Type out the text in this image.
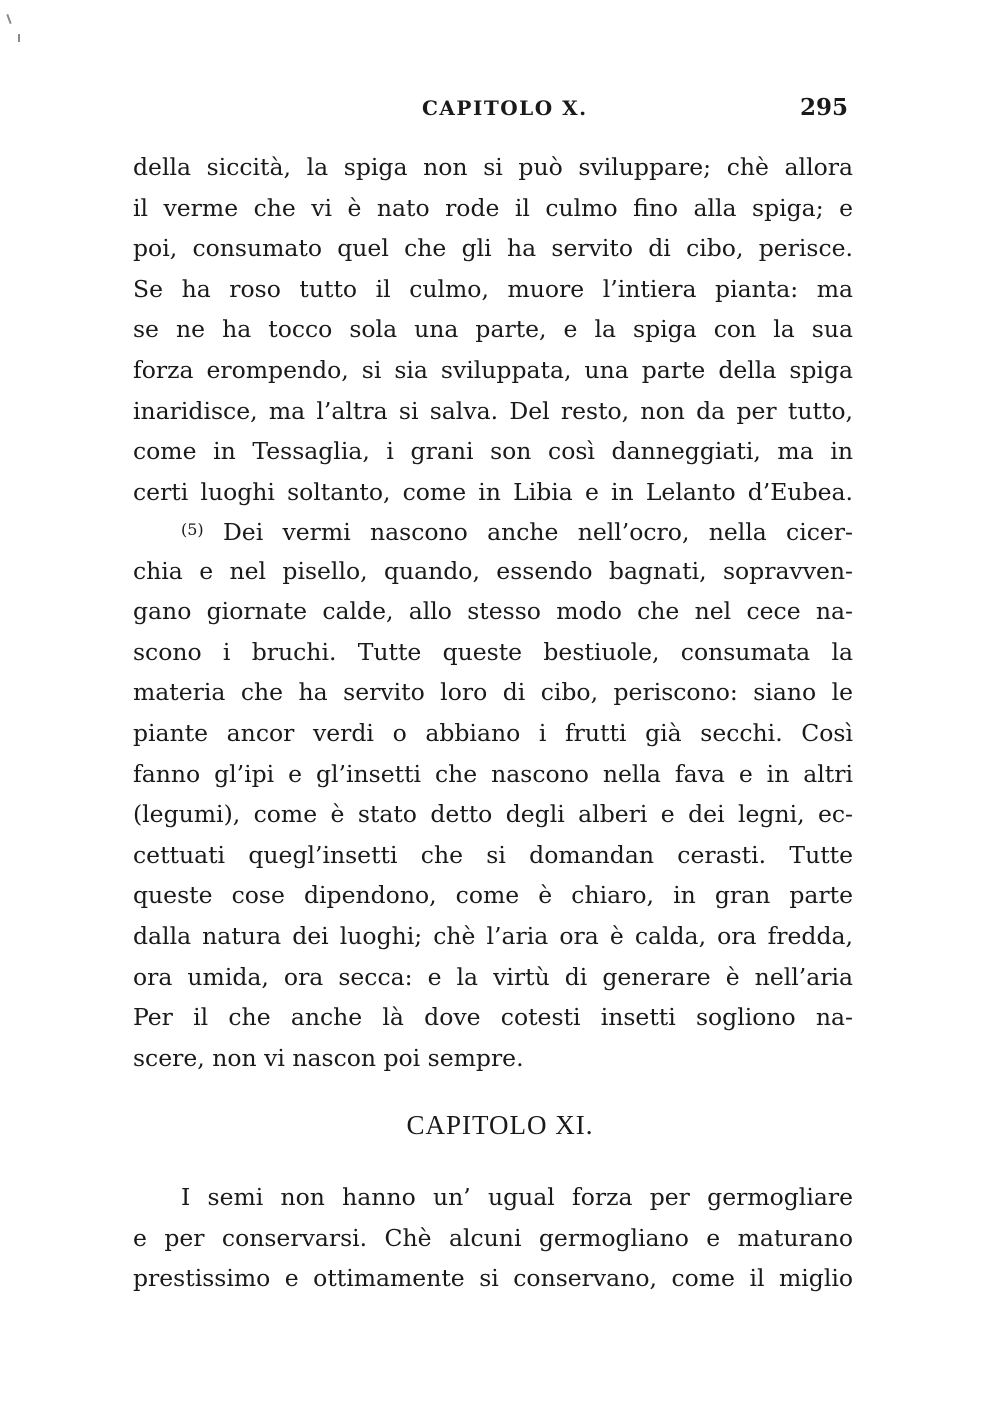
CAPITOLO X.	295
della siccità, la spiga non si può sviluppare; chè allora
il verme che vi è nato rode il culmo fino alla spiga; e
poi, consumato quel che gli ha servito di cibo, perisce.
Se ha roso tutto il culmo, muore l’intiera pianta: ma
se ne ha tocco sola una parte, e la spiga con la sua
forza erompendo, si sia sviluppata, una parte della spiga
inaridisce, ma l’altra si salva. Del resto, non da per tutto,
come in Tessaglia, i grani son così danneggiati, ma in
certi luoghi soltanto, come in Libia e in Lelanto d’Eubea.
$^{(5)}$ Dei vermi nascono anche nell’ocro, nella cicer-
chia e nel pisello, quando, essendo bagnati, sopravven-
gano giornate calde, allo stesso modo che nel cece na-
scono i bruchi. Tutte queste bestiuole, consumata la
materia che ha servito loro di cibo, periscono: siano le
piante ancor verdi o abbiano i frutti già secchi. Così
fanno gl’ipi e gl’insetti che nascono nella fava e in altri
(legumi), come è stato detto degli alberi e dei legni, ec-
cettuati quegl’insetti che si domandan cerasti. Tutte
queste cose dipendono, come è chiaro, in gran parte
dalla natura dei luoghi; chè l’aria ora è calda, ora fredda,
ora umida, ora secca: e la virtù di generare è nell’aria
Per il che anche là dove cotesti insetti sogliono na-
scere, non vi nascon poi sempre.
CAPITOLO XI.
I semi non hanno un’ ugual forza per germogliare
e per conservarsi. Chè alcuni germogliano e maturano
prestissimo e ottimamente si conservano, come il miglio
